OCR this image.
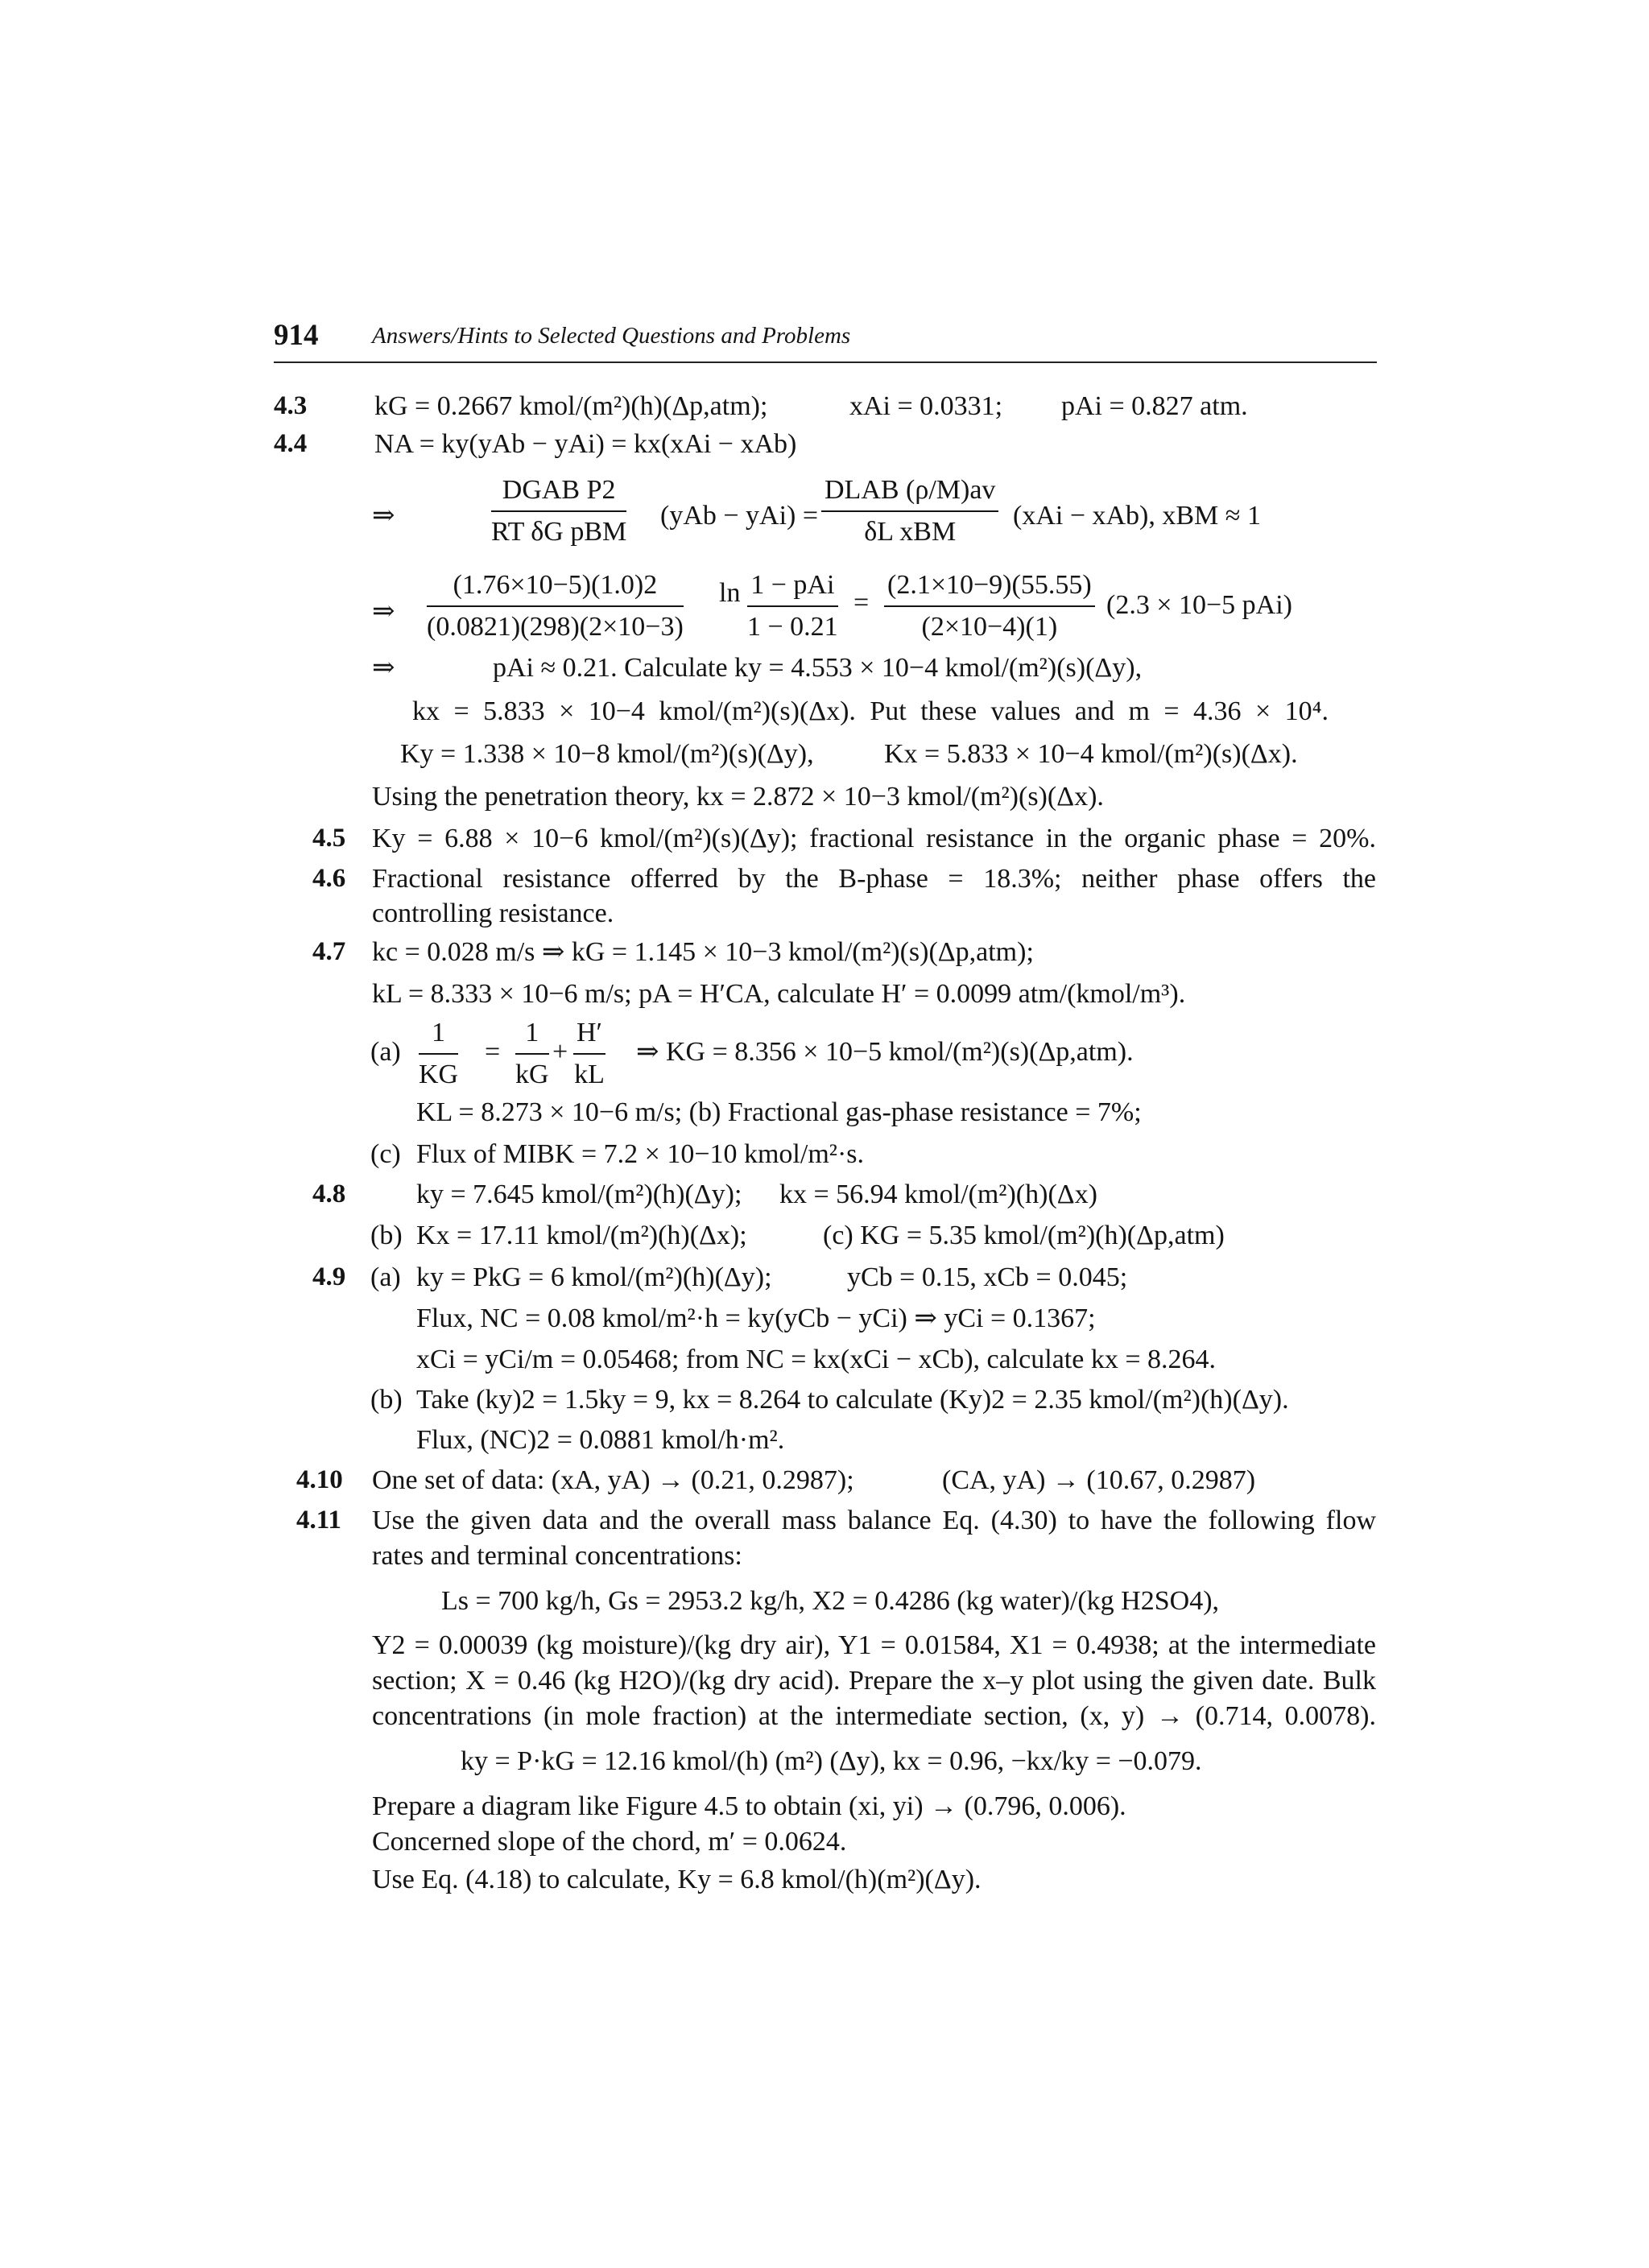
914 Answers/Hints to Selected Questions and Problems
4.3 kG = 0.2667 kmol/(m²)(h)(Δp,atm);	xAi = 0.0331; pAi = 0.827 atm.
4.4 NA = ky(yAb − yAi) = kx(xAi − xAb)
⇒
DGAB P2
RT δG pBM
(yAb − yAi) =
DLAB (ρ/M)av
δL xBM
(xAi − xAb), xBM ≈ 1
⇒ $\frac{(1.76\times 10-5)(1.0)2}{(0.0821)(298)(2\times 10-3)}$ ln 1 − pAi
1 − 0.21
= $\frac{(2.1\times 10-9)(55.55)}{(2\times 10-4)(1)} (2.3 \times 10-5$ pAi)
⇒	pAi ≈ 0.21. Calculate ky = 4.553 × 10−4 kmol/(m²)(s)(Δy),
kx = 5.833 × 10−4 kmol/(m²)(s)(Δx). Put these values and m = 4.36 × 10⁴.
Ky = 1.338 × 10−8 kmol/(m²)(s)(Δy),	Kx = 5.833 × 10−4 kmol/(m²)(s)(Δx).
Using the penetration theory, kx = 2.872 × 10−3 kmol/(m²)(s)(Δx).
4.5 Ky = 6.88 × 10−6 kmol/(m²)(s)(Δy); fractional resistance in the organic phase = 20%.
4.6 Fractional resistance offerred by the B-phase = 18.3%; neither phase offers the
controlling resistance.
4.7 kc = 0.028 m/s ⇒ kG = 1.145 × 10−3 kmol/(m²)(s)(Δp,atm);
kL = 8.333 × 10−6 m/s; pA = H′CA, calculate H′ = 0.0099 atm/(kmol/m³).
$(a) \frac{1}{KG} = \frac{1}{kG} + \frac{H'}{kL}$ ⇒ KG = 8.356 × 10−5 kmol/(m²)(s)(Δp,atm).
KL = 8.273 × 10−6 m/s; (b) Fractional gas-phase resistance = 7%;
(c) Flux of MIBK = 7.2 × 10−10 kmol/m²·s.
4.8	ky = 7.645 kmol/(m²)(h)(Δy); kx = 56.94 kmol/(m²)(h)(Δx)
(b) Kx = 17.11 kmol/(m²)(h)(Δx);	(c) KG = 5.35 kmol/(m²)(h)(Δp,atm)
4.9 (a) ky = PkG = 6 kmol/(m²)(h)(Δy);	yCb = 0.15, xCb = 0.045;
Flux, NC = 0.08 kmol/m²·h = ky(yCb − yCi) ⇒ yCi = 0.1367;
xCi = yCi/m = 0.05468; from NC = kx(xCi − xCb), calculate kx = 8.264.
(b) Take (ky)2 = 1.5ky = 9, kx = 8.264 to calculate (Ky)2 = 2.35 kmol/(m²)(h)(Δy).
Flux, (NC)2 = 0.0881 kmol/h·m².
4.10 One set of data: (xA, yA) → (0.21, 0.2987);	(CA, yA) → (10.67, 0.2987)
4.11 Use the given data and the overall mass balance Eq. (4.30) to have the following flow
rates and terminal concentrations:
Ls = 700 kg/h, Gs = 2953.2 kg/h, X2 = 0.4286 (kg water)/(kg H2SO4),
Y2 = 0.00039 (kg moisture)/(kg dry air), Y1 = 0.01584, X1 = 0.4938; at the intermediate
section; X = 0.46 (kg H2O)/(kg dry acid). Prepare the x–y plot using the given date. Bulk
concentrations (in mole fraction) at the intermediate section, (x, y) → (0.714, 0.0078).
ky = P·kG = 12.16 kmol/(h) (m²) (Δy), kx = 0.96, −kx/ky = −0.079.
Prepare a diagram like Figure 4.5 to obtain (xi, yi) → (0.796, 0.006).
Concerned slope of the chord, m′ = 0.0624.
Use Eq. (4.18) to calculate, Ky = 6.8 kmol/(h)(m²)(Δy).
